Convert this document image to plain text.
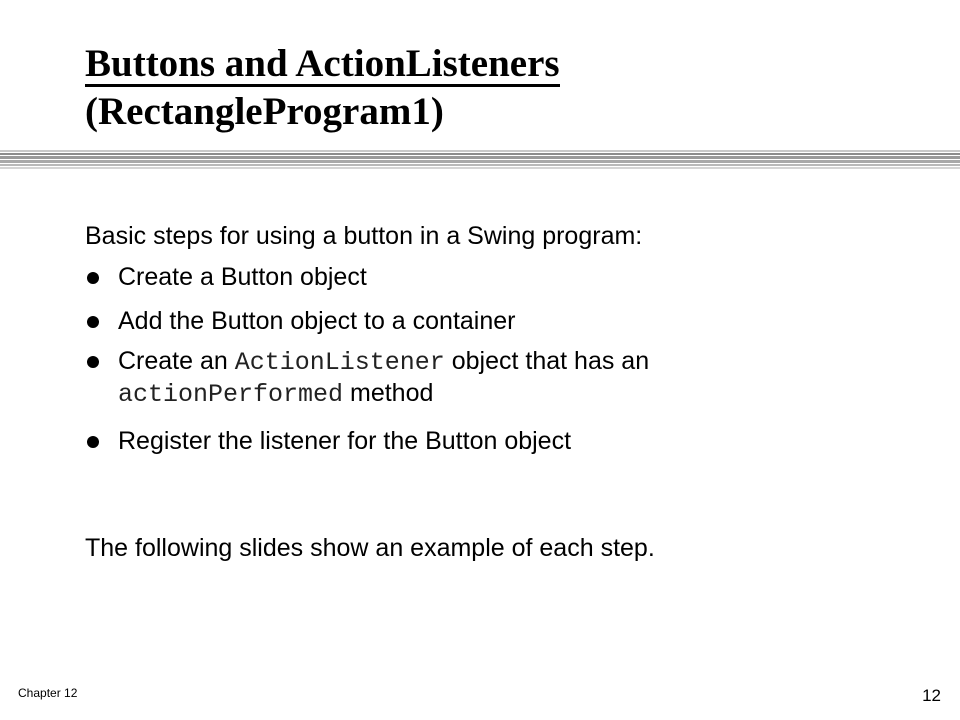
Buttons and ActionListeners
(RectangleProgram1)

Basic steps for using a button in a Swing program:

Create a Button object
Add the Button object to a container
Create an ActionListener object that has an
actionPerformed method
Register the listener for the Button object

The following slides show an example of each step.

Chapter 12	12
